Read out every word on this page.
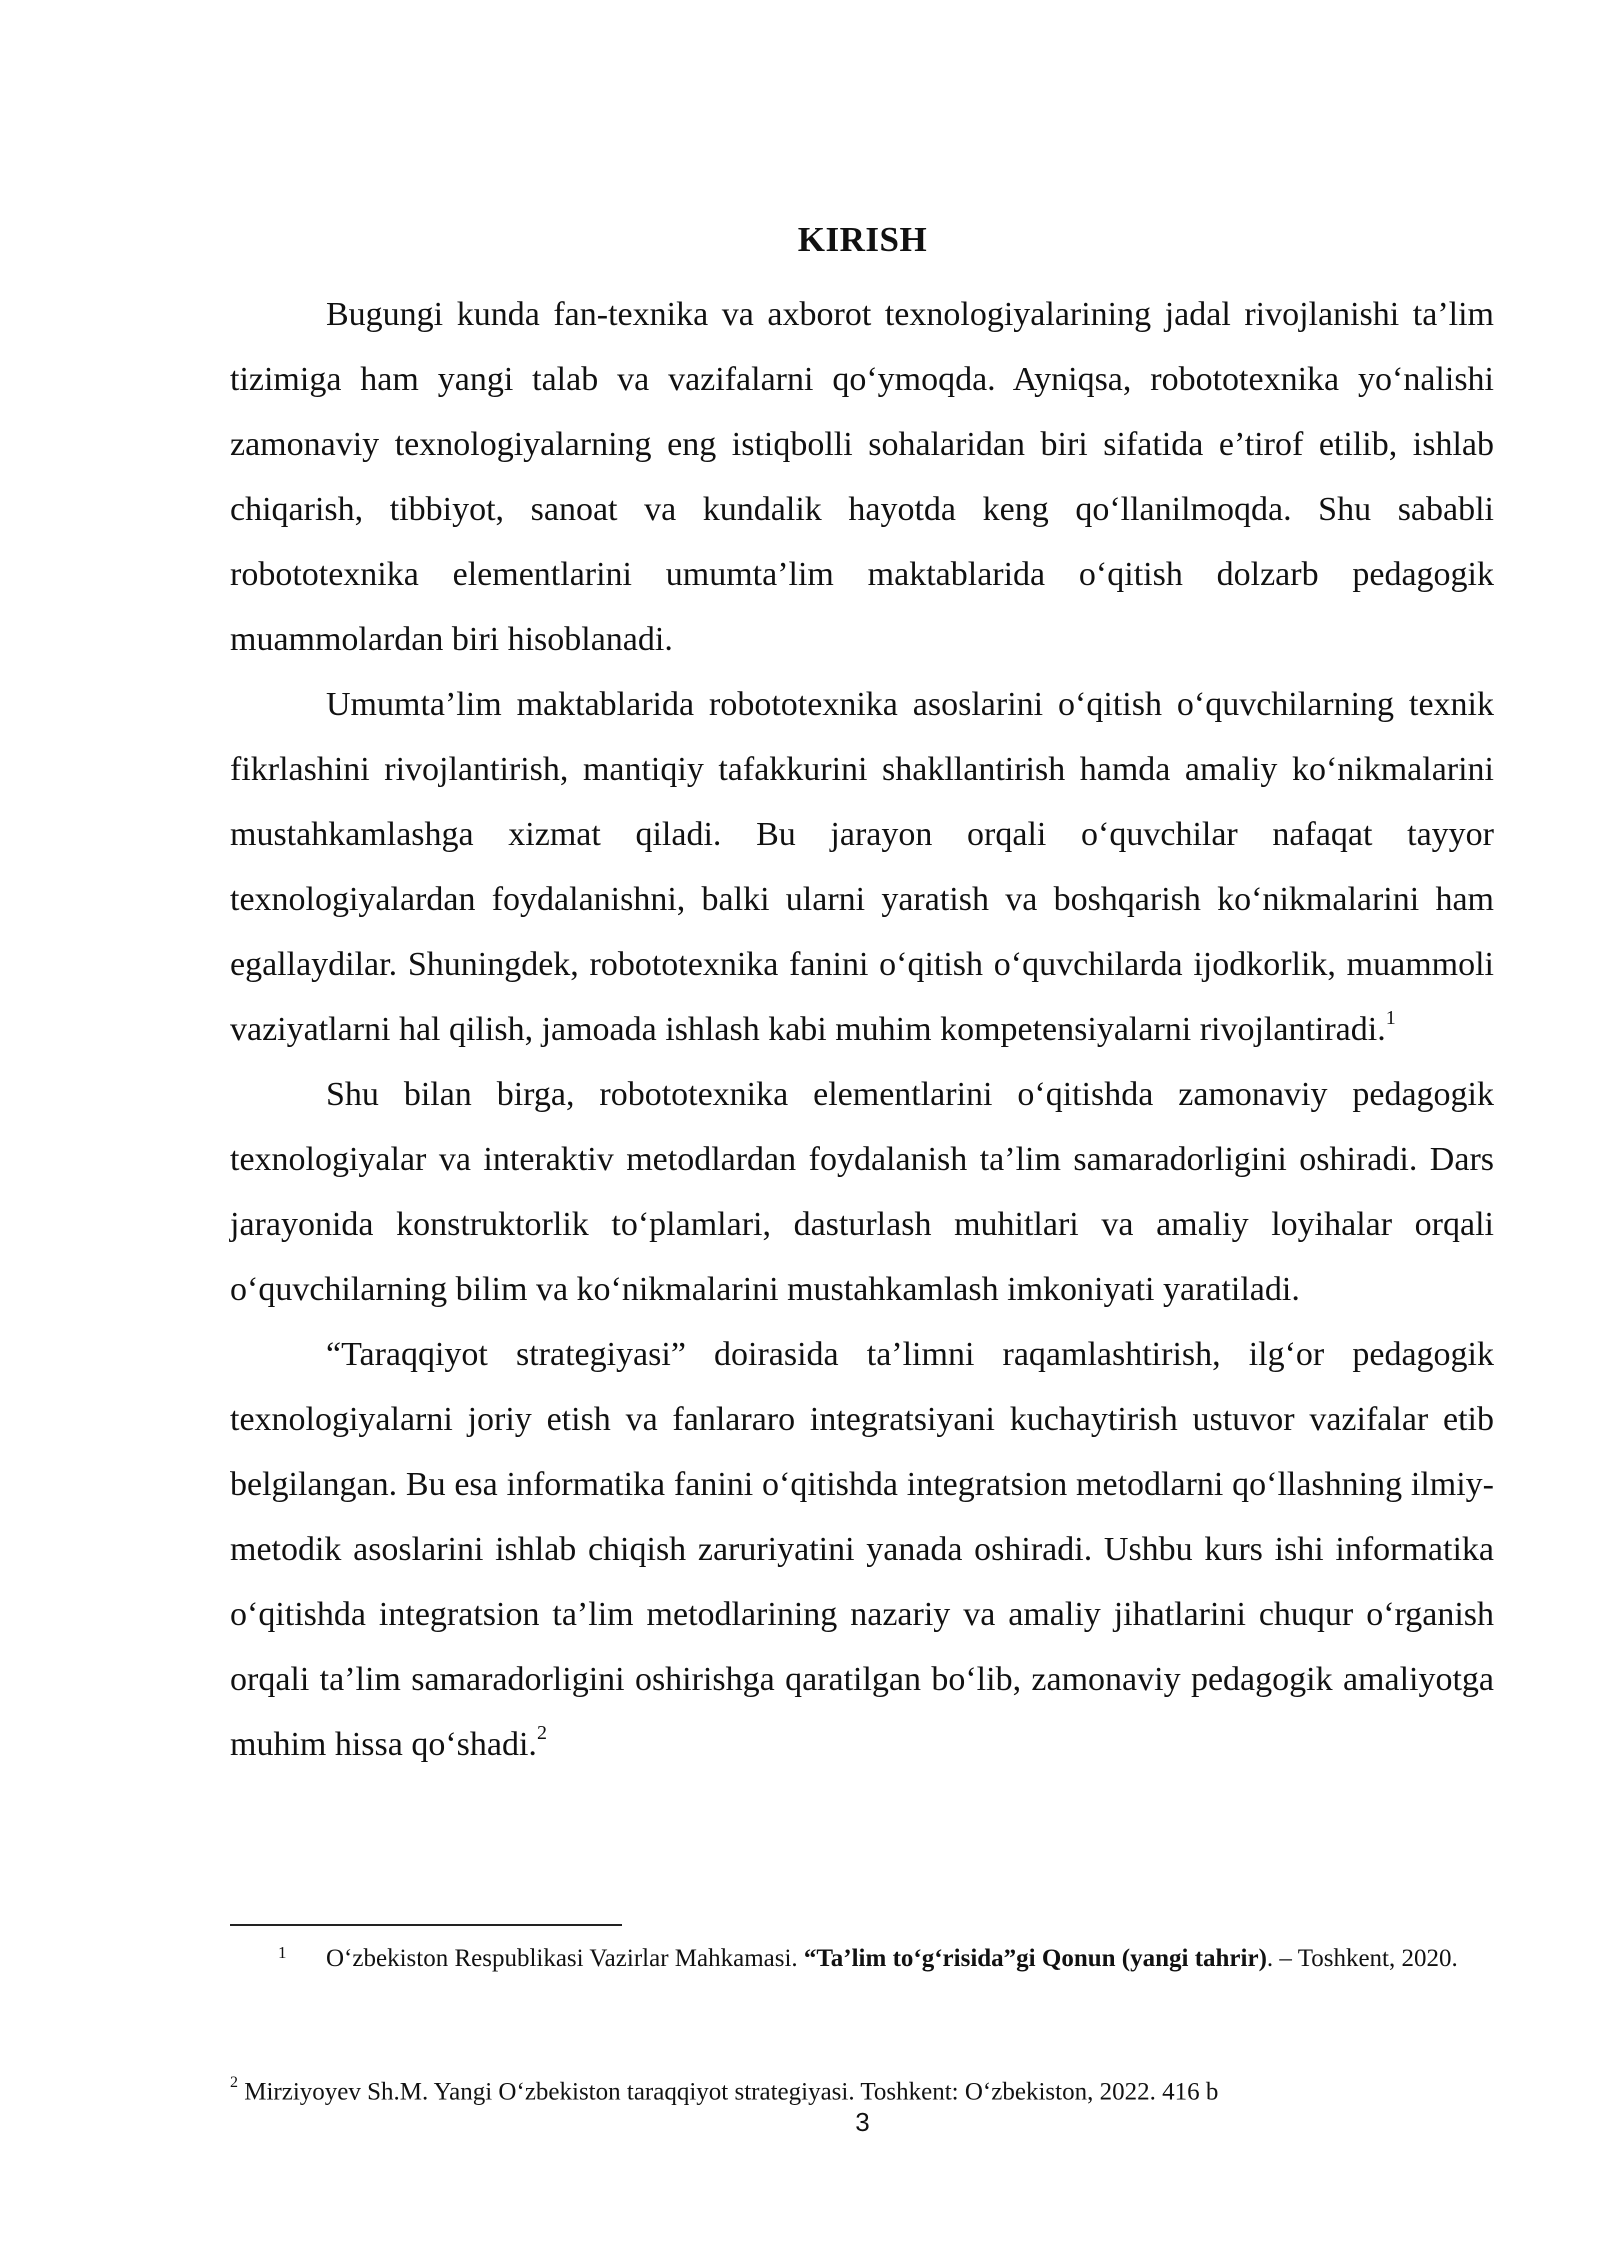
KIRISH

Bugungi kunda fan-texnika va axborot texnologiyalarining jadal rivojlanishi ta’lim tizimiga ham yangi talab va vazifalarni qo‘ymoqda. Ayniqsa, robototexnika yo‘nalishi zamonaviy texnologiyalarning eng istiqbolli sohalaridan biri sifatida e’tirof etilib, ishlab chiqarish, tibbiyot, sanoat va kundalik hayotda keng qo‘llanilmoqda. Shu sababli robototexnika elementlarini umumta’lim maktablarida o‘qitish dolzarb pedagogik muammolardan biri hisoblanadi.

Umumta’lim maktablarida robototexnika asoslarini o‘qitish o‘quvchilarning texnik fikrlashini rivojlantirish, mantiqiy tafakkurini shakllantirish hamda amaliy ko‘nikmalarini mustahkamlashga xizmat qiladi. Bu jarayon orqali o‘quvchilar nafaqat tayyor texnologiyalardan foydalanishni, balki ularni yaratish va boshqarish ko‘nikmalarini ham egallaydilar. Shuningdek, robototexnika fanini o‘qitish o‘quvchilarda ijodkorlik, muammoli vaziyatlarni hal qilish, jamoada ishlash kabi muhim kompetensiyalarni rivojlantiradi.$^1$

Shu bilan birga, robototexnika elementlarini o‘qitishda zamonaviy pedagogik texnologiyalar va interaktiv metodlardan foydalanish ta’lim samaradorligini oshiradi. Dars jarayonida konstruktorlik to‘plamlari, dasturlash muhitlari va amaliy loyihalar orqali o‘quvchilarning bilim va ko‘nikmalarini mustahkamlash imkoniyati yaratiladi.

“Taraqqiyot strategiyasi” doirasida ta’limni raqamlashtirish, ilg‘or pedagogik texnologiyalarni joriy etish va fanlararo integratsiyani kuchaytirish ustuvor vazifalar etib belgilangan. Bu esa informatika fanini o‘qitishda integratsion metodlarni qo‘llashning ilmiy-metodik asoslarini ishlab chiqish zaruriyatini yanada oshiradi. Ushbu kurs ishi informatika o‘qitishda integratsion ta’lim metodlarining nazariy va amaliy jihatlarini chuqur o‘rganish orqali ta’lim samaradorligini oshirishga qaratilgan bo‘lib, zamonaviy pedagogik amaliyotga muhim hissa qo‘shadi.$^2$

1	O‘zbekiston Respublikasi Vazirlar Mahkamasi. “Ta’lim to‘g‘risida”gi Qonun (yangi tahrir). – Toshkent, 2020.
$^2$ Mirziyoyev Sh.M. Yangi O‘zbekiston taraqqiyot strategiyasi. Toshkent: O‘zbekiston, 2022. 416 b
3
